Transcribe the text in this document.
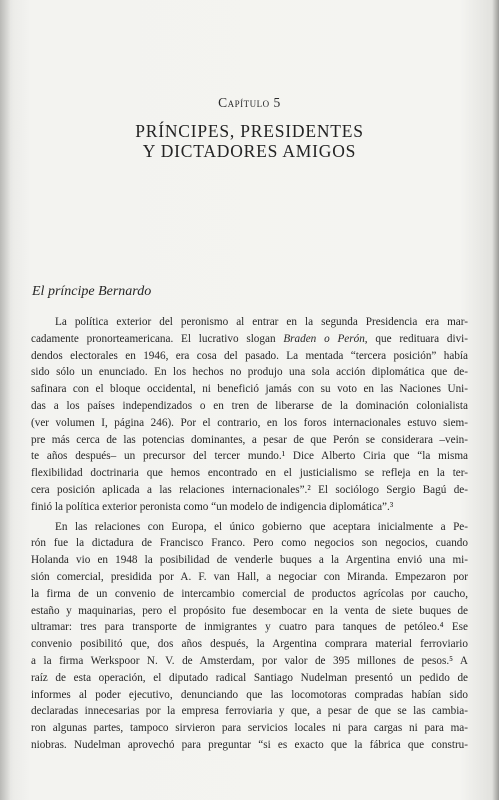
Capítulo 5
PRÍNCIPES, PRESIDENTES
Y DICTADORES AMIGOS
El príncipe Bernardo
La política exterior del peronismo al entrar en la segunda Presidencia era mar-
cadamente pronorteamericana. El lucrativo slogan Braden o Perón, que redituara divi-
dendos electorales en 1946, era cosa del pasado. La mentada “tercera posición” había
sido sólo un enunciado. En los hechos no produjo una sola acción diplomática que de-
safinara con el bloque occidental, ni benefició jamás con su voto en las Naciones Uni-
das a los países independizados o en tren de liberarse de la dominación colonialista
(ver volumen I, página 246). Por el contrario, en los foros internacionales estuvo siem-
pre más cerca de las potencias dominantes, a pesar de que Perón se considerara –vein-
te años después– un precursor del tercer mundo.¹ Dice Alberto Ciria que “la misma
flexibilidad doctrinaria que hemos encontrado en el justicialismo se refleja en la ter-
cera posición aplicada a las relaciones internacionales”.² El sociólogo Sergio Bagú de-
finió la política exterior peronista como “un modelo de indigencia diplomática”.³
En las relaciones con Europa, el único gobierno que aceptara inicialmente a Pe-
rón fue la dictadura de Francisco Franco. Pero como negocios son negocios, cuando
Holanda vio en 1948 la posibilidad de venderle buques a la Argentina envió una mi-
sión comercial, presidida por A. F. van Hall, a negociar con Miranda. Empezaron por
la firma de un convenio de intercambio comercial de productos agrícolas por caucho,
estaño y maquinarias, pero el propósito fue desembocar en la venta de siete buques de
ultramar: tres para transporte de inmigrantes y cuatro para tanques de petóleo.⁴ Ese
convenio posibilitó que, dos años después, la Argentina comprara material ferroviario
a la firma Werkspoor N. V. de Amsterdam, por valor de 395 millones de pesos.⁵ A
raíz de esta operación, el diputado radical Santiago Nudelman presentó un pedido de
informes al poder ejecutivo, denunciando que las locomotoras compradas habían sido
declaradas innecesarias por la empresa ferroviaria y que, a pesar de que se las cambia-
ron algunas partes, tampoco sirvieron para servicios locales ni para cargas ni para ma-
niobras. Nudelman aprovechó para preguntar “si es exacto que la fábrica que constru-
